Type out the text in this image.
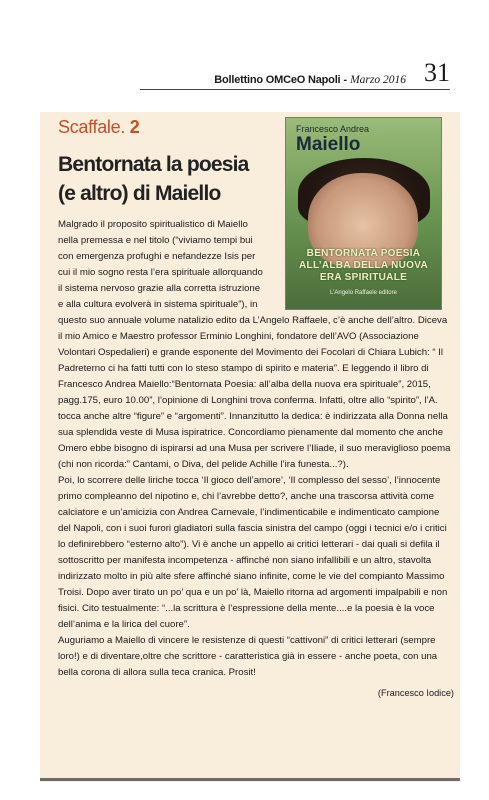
Bollettino OMCeO Napoli - Marzo 2016 31
Scaffale. 2
Bentornata la poesia
(e altro) di Maiello
Francesco Andrea
Maiello
BENTORNATA POESIA
ALL’ALBA DELLA NUOVA ERA SPIRITUALE
L’Angelo Raffaele editore

Malgrado il proposito spiritualistico di Maiello nella premessa e nel titolo (“viviamo tempi bui con emergenza profughi e nefandezze Isis per cui il mio sogno resta l’era spirituale allorquando il sistema nervoso grazie alla corretta istruzione e alla cultura evolverà in sistema spirituale”), in

questo suo annuale volume natalizio edito da L’Angelo Raffaele, c’è anche dell’altro. Diceva il mio Amico e Maestro professor Erminio Longhini, fondatore dell’AVO (Associazione Volontari Ospedalieri) e grande esponente del Movimento dei Focolari di Chiara Lubich: “ Il Padreterno ci ha fatti tutti con lo steso stampo di spirito e materia”. E leggendo il libro di Francesco Andrea Maiello:“Bentornata Poesia: all’alba della nuova era spirituale”, 2015, pagg.175, euro 10.00”, l’opinione di Longhini trova conferma. Infatti, oltre allo “spirito”, l’A. tocca anche altre “figure” e “argomenti”. Innanzitutto la dedica: è indirizzata alla Donna nella sua splendida veste di Musa ispiratrice. Concordiamo pienamente dal momento che anche Omero ebbe bisogno di ispirarsi ad una Musa per scrivere l’Iliade, il suo meraviglioso poema (chi non ricorda:” Cantami, o Diva, del pelide Achille l’ira funesta...?).

Poi, lo scorrere delle liriche tocca ‘Il gioco dell’amore’, ‘Il complesso del sesso’, l’innocente primo compleanno del nipotino e, chi l’avrebbe detto?, anche una trascorsa attività come calciatore e un’amicizia con Andrea Carnevale, l’indimenticabile e indimenticato campione del Napoli, con i suoi furori gladiatori sulla fascia sinistra del campo (oggi i tecnici e/o i critici lo definirebbero “esterno alto”). Vi è anche un appello ai critici letterari - dai quali si defila il sottoscritto per manifesta incompetenza - affinché non siano infallibili e un altro, stavolta indirizzato molto in più alte sfere affinché siano infinite, come le vie del compianto Massimo Troisi. Dopo aver tirato un po’ qua e un po’ là, Maiello ritorna ad argomenti impalpabili e non fisici. Cito testualmente: “...la scrittura è l’espressione della mente....e la poesia è la voce dell’anima e la lirica del cuore”.

Auguriamo a Maiello di vincere le resistenze di questi “cattivoni” di critici letterari (sempre loro!) e di diventare,oltre che scrittore - caratteristica già in essere - anche poeta, con una bella corona di allora sulla teca cranica. Prosit!

(Francesco Iodice)
